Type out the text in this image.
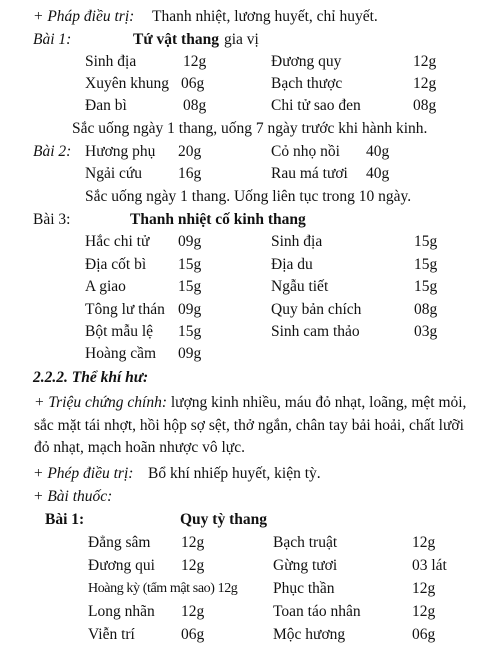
+ Pháp điều trị: Thanh nhiệt, lương huyết, chỉ huyết.
Bài 1:	Tứ vật thang gia vị
Sinh địa	12g	Đương quy	12g
Xuyên khung 06g	Bạch thược	12g
Đan bì	08g	Chi tử sao đen	08g
Sắc uống ngày 1 thang, uống 7 ngày trước khi hành kinh.
Bài 2: Hương phụ 20g	Cỏ nhọ nồi 40g
Ngải cứu 16g	Rau má tươi 40g
Sắc uống ngày 1 thang. Uống liên tục trong 10 ngày.
Bài 3:	Thanh nhiệt cố kinh thang
Hắc chi tử 09g	Sinh địa	15g
Địa cốt bì 15g	Địa du	15g
A giao	15g	Ngẫu tiết	15g
Tông lư thán 09g	Quy bản chích	08g
Bột mẫu lệ 15g	Sinh cam thảo	03g
Hoàng cầm 09g
2.2.2. Thể khí hư:
+ Triệu chứng chính: lượng kinh nhiều, máu đỏ nhạt, loãng, mệt mỏi, sắc mặt tái nhợt, hồi hộp sợ sệt, thở ngắn, chân tay bải hoải, chất lưỡi đỏ nhạt, mạch hoãn nhược vô lực.
+ Phép điều trị: Bổ khí nhiếp huyết, kiện tỳ.
+ Bài thuốc:
Bài 1:	Quy tỳ thang
Đẳng sâm 12g	Bạch truật	12g
Đương qui 12g	Gừng tươi	03 lát
Hoàng kỳ (tẩm mật sao) 12g Phục thần	12g
Long nhãn 12g	Toan táo nhân	12g
Viễn trí	06g	Mộc hương	06g
